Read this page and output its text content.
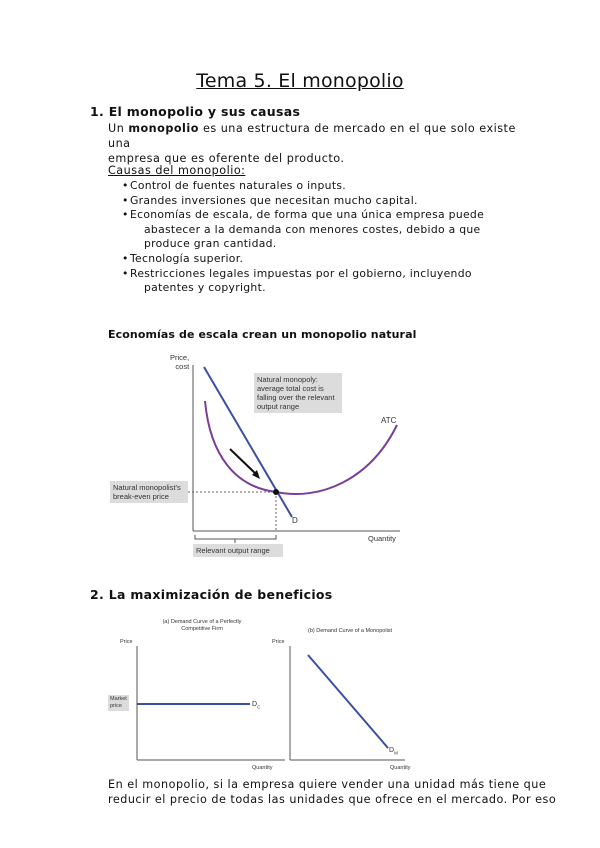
Tema 5. El monopolio
1. El monopolio y sus causas
Un monopolio es una estructura de mercado en el que solo existe una
empresa que es oferente del producto.
Causas del monopolio:
• Control de fuentes naturales o inputs.
• Grandes inversiones que necesitan mucho capital.
• Economías de escala, de forma que una única empresa puede
abastecer a la demanda con menores costes, debido a que
produce gran cantidad.
• Tecnología superior.
• Restricciones legales impuestas por el gobierno, incluyendo
patentes y copyright.
Economías de escala crean un monopolio natural
Price,
cost
Natural monopoly:
average total cost is
falling over the relevant
output range
ATC
D
Natural monopolist's
break-even price
Quantity
Relevant output range
2. La maximización de beneficios
(a) Demand Curve of a Perfectly
Competitive Firm
Price
Market
price	$D_C$
Quantity
(b) Demand Curve of a Monopolist
Price
$D_M$
Quantity
En el monopolio, si la empresa quiere vender una unidad más tiene que
reducir el precio de todas las unidades que ofrece en el mercado. Por eso
